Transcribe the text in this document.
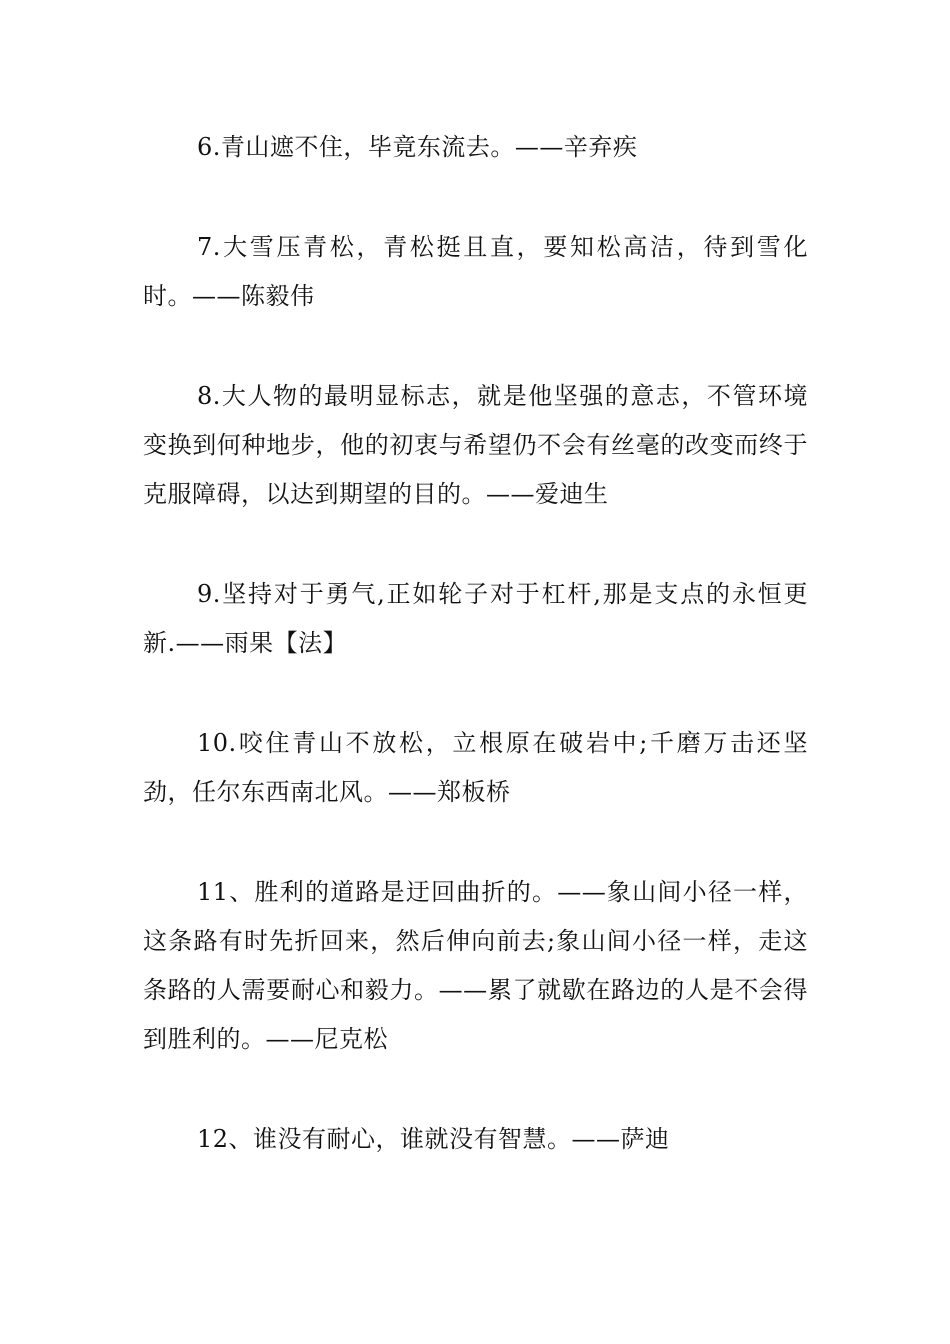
6.青山遮不住，毕竟东流去。——辛弃疾

7.大雪压青松，青松挺且直，要知松高洁，待到雪化时。——陈毅伟

8.大人物的最明显标志，就是他坚强的意志，不管环境变换到何种地步，他的初衷与希望仍不会有丝毫的改变而终于克服障碍，以达到期望的目的。——爱迪生

9.坚持对于勇气,正如轮子对于杠杆,那是支点的永恒更新.——雨果【法】

10.咬住青山不放松，立根原在破岩中;千磨万击还坚劲，任尔东西南北风。——郑板桥

11、胜利的道路是迂回曲折的。——象山间小径一样，这条路有时先折回来，然后伸向前去;象山间小径一样，走这条路的人需要耐心和毅力。——累了就歇在路边的人是不会得到胜利的。——尼克松

12、谁没有耐心，谁就没有智慧。——萨迪
